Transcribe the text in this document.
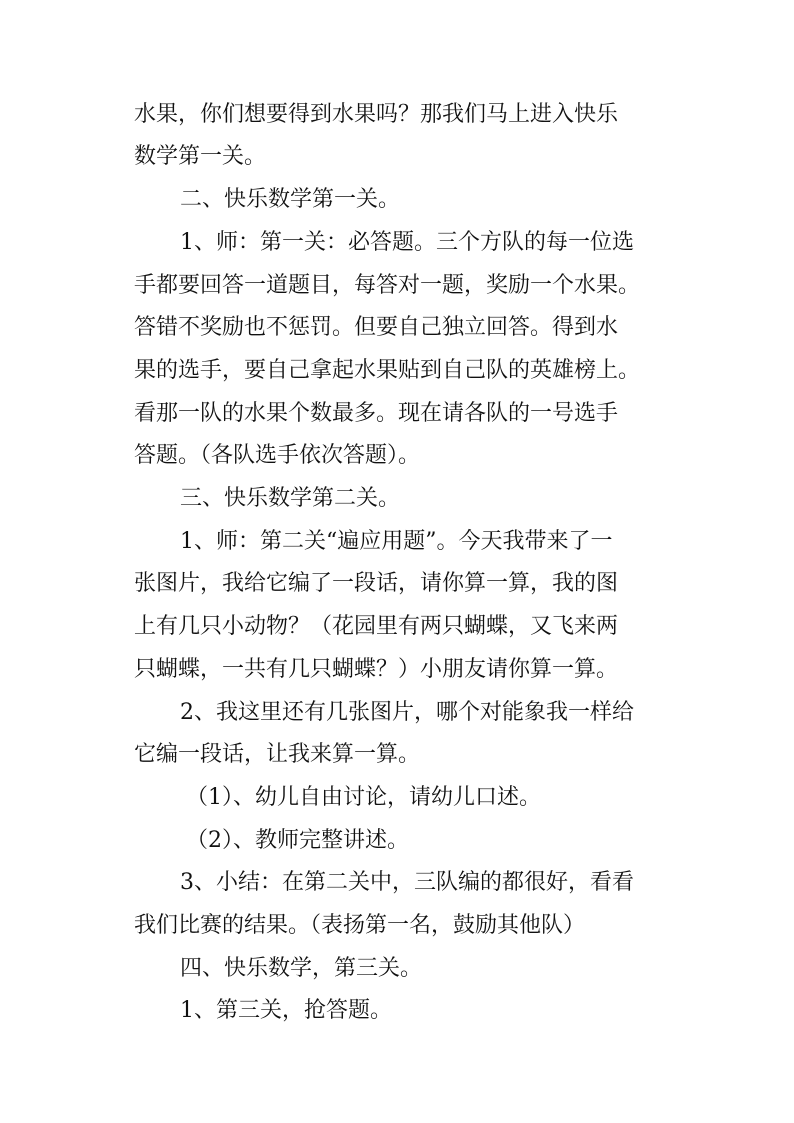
水果，你们想要得到水果吗？那我们马上进入快乐
数学第一关。
二、快乐数学第一关。
1、师：第一关：必答题。三个方队的每一位选
手都要回答一道题目，每答对一题，奖励一个水果。
答错不奖励也不惩罚。但要自己独立回答。得到水
果的选手，要自己拿起水果贴到自己队的英雄榜上。
看那一队的水果个数最多。现在请各队的一号选手
答题。（各队选手依次答题）。
三、快乐数学第二关。
1、师：第二关“遍应用题”。今天我带来了一
张图片，我给它编了一段话，请你算一算，我的图
上有几只小动物？（花园里有两只蝴蝶，又飞来两
只蝴蝶，一共有几只蝴蝶？）小朋友请你算一算。
2、我这里还有几张图片，哪个对能象我一样给
它编一段话，让我来算一算。
（1）、幼儿自由讨论，请幼儿口述。
（2）、教师完整讲述。
3、小结：在第二关中，三队编的都很好，看看
我们比赛的结果。（表扬第一名，鼓励其他队）
四、快乐数学，第三关。
1、第三关，抢答题。
